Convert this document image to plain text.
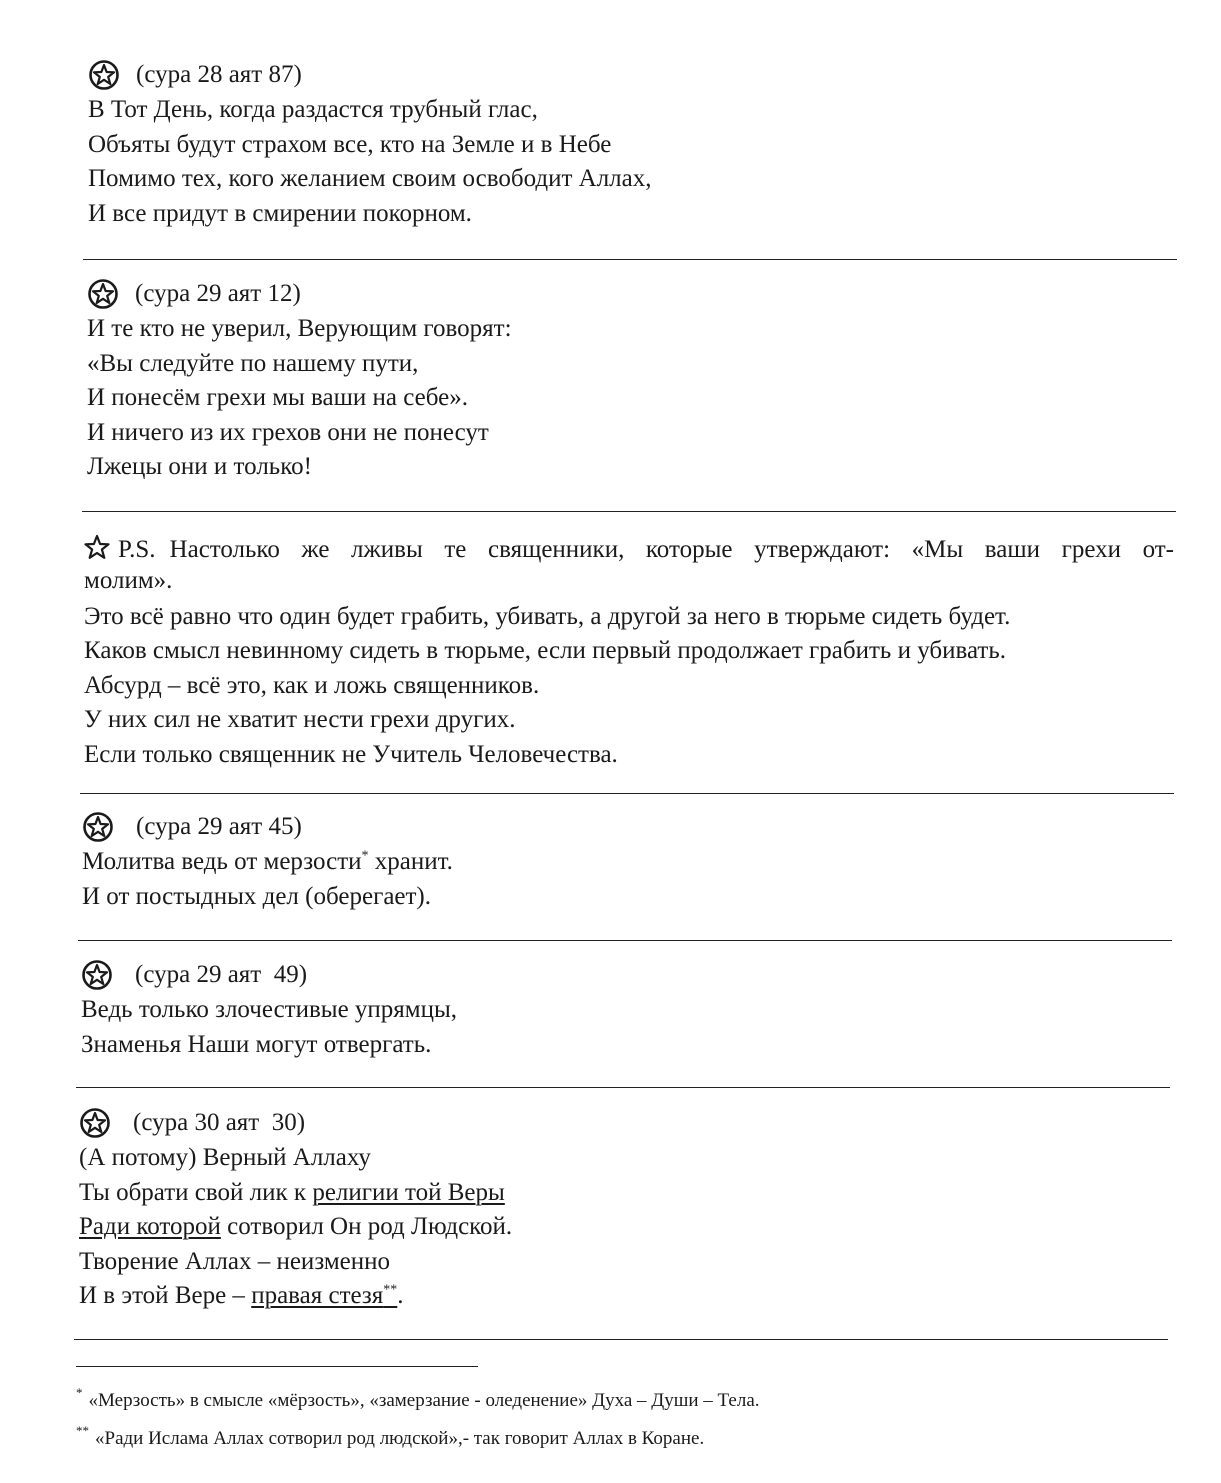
(сура 28 аят 87)
В Тот День, когда раздастся трубный глас,
Объяты будут страхом все, кто на Земле и в Небе
Помимо тех, кого желанием своим освободит Аллах,
И все придут в смирении покорном.
(сура 29 аят 12)
И те кто не уверил, Верующим говорят:
«Вы следуйте по нашему пути,
И понесём грехи мы ваши на себе».
И ничего из их грехов они не понесут
Лжецы они и только!
P.S. Настолько же лживы те священники, которые утверждают: «Мы ваши грехи от-
молим».
Это всё равно что один будет грабить, убивать, а другой за него в тюрьме сидеть будет.
Каков смысл невинному сидеть в тюрьме, если первый продолжает грабить и убивать.
Абсурд – всё это, как и ложь священников.
У них сил не хватит нести грехи других.
Если только священник не Учитель Человечества.
(сура 29 аят 45)
Молитва ведь от мерзости* хранит.
И от постыдных дел (оберегает).
(сура 29 аят  49)
Ведь только злочестивые упрямцы,
Знаменья Наши могут отвергать.
(сура 30 аят  30)
(А потому) Верный Аллаху
Ты обрати свой лик к религии той Веры
Ради которой сотворил Он род Людской.
Творение Аллах – неизменно
И в этой Вере – правая стезя**.
* «Мерзость» в смысле «мёрзость», «замерзание - оледенение» Духа – Души – Тела.
** «Ради Ислама Аллах сотворил род людской»,- так говорит Аллах в Коране.
